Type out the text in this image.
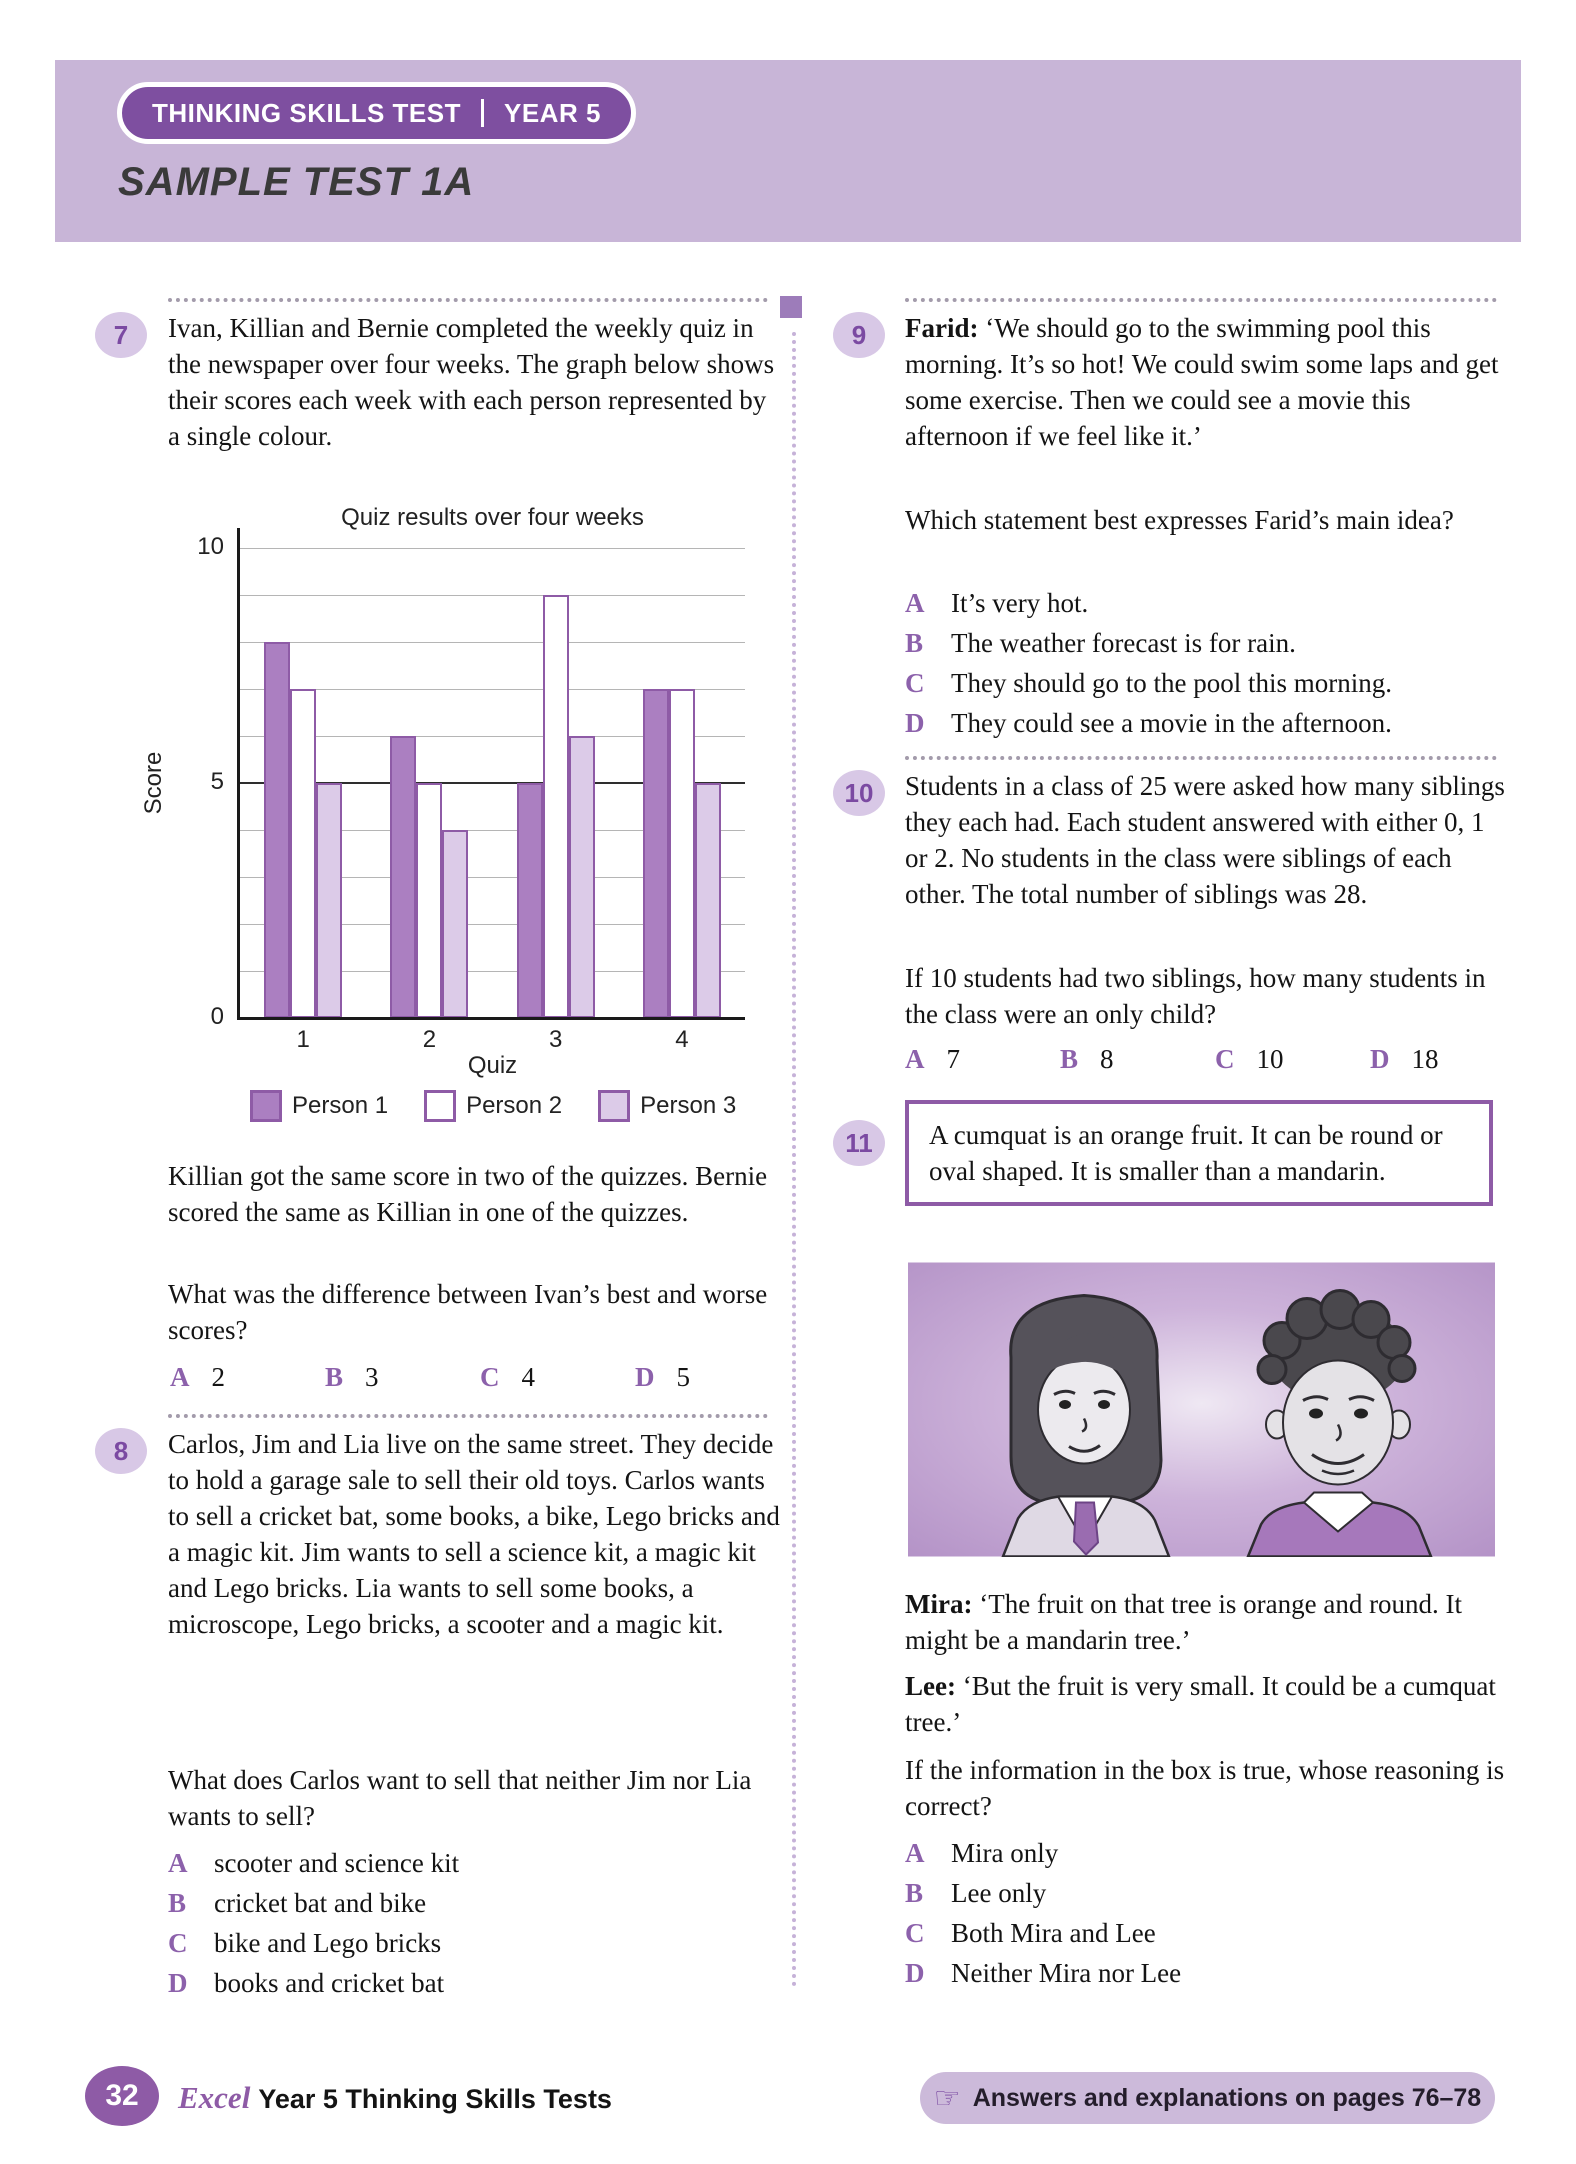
THINKING SKILLS TEST YEAR 5
SAMPLE TEST 1A
7	Ivan, Killian and Bernie completed the weekly quiz in the newspaper over four weeks. The graph below shows their scores each week with each person represented by a single colour.
Quiz results over four weeks
0
5
10
Score
1	2	3	4
Quiz
Person 1	Person 2	Person 3
Killian got the same score in two of the quizzes. Bernie scored the same as Killian in one of the quizzes.
What was the difference between Ivan’s best and worse scores?
A 2	B 3	C 4	D 5
8	Carlos, Jim and Lia live on the same street. They decide to hold a garage sale to sell their old toys. Carlos wants to sell a cricket bat, some books, a bike, Lego bricks and a magic kit. Jim wants to sell a science kit, a magic kit and Lego bricks. Lia wants to sell some books, a microscope, Lego bricks, a scooter and a magic kit.
What does Carlos want to sell that neither Jim nor Lia wants to sell?
A scooter and science kit
B	cricket bat and bike
C bike and Lego bricks
D books and cricket bat
9	Farid: ‘We should go to the swimming pool this morning. It’s so hot! We could swim some laps and get some exercise. Then we could see a movie this afternoon if we feel like it.’
Which statement best expresses Farid’s main idea?
A It’s very hot.
B	The weather forecast is for rain.
C They should go to the pool this morning.
D They could see a movie in the afternoon.
10	Students in a class of 25 were asked how many siblings they each had. Each student answered with either 0, 1 or 2. No students in the class were siblings of each other. The total number of siblings was 28.
If 10 students had two siblings, how many students in the class were an only child?
A 7	B 8	C 10	D 18
11	A cumquat is an orange fruit. It can be round or oval shaped. It is smaller than a mandarin.
Mira: ‘The fruit on that tree is orange and round. It might be a mandarin tree.’
Lee: ‘But the fruit is very small. It could be a cumquat tree.’
If the information in the box is true, whose reasoning is correct?
A Mira only
B	Lee only
C Both Mira and Lee
D Neither Mira nor Lee
32	Excel Year 5 Thinking Skills Tests	☞ Answers and explanations on pages 76–78
